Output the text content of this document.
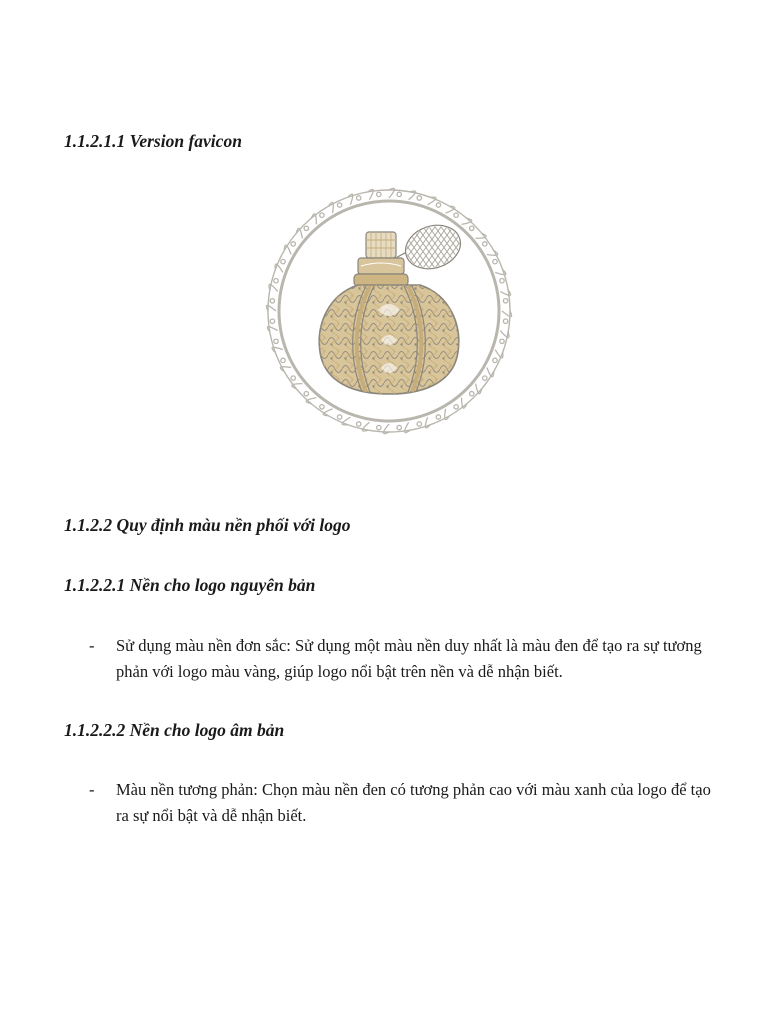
1.1.2.1.1 Version favicon
1.1.2.2 Quy định màu nền phối với logo
1.1.2.2.1 Nền cho logo nguyên bản

-	Sử dụng màu nền đơn sắc: Sử dụng một màu nền duy nhất là màu đen để tạo ra sự tương phản với logo màu vàng, giúp logo nổi bật trên nền và dễ nhận biết.

1.1.2.2.2 Nền cho logo âm bản

-	Màu nền tương phản: Chọn màu nền đen có tương phản cao với màu xanh của logo để tạo ra sự nổi bật và dễ nhận biết.
